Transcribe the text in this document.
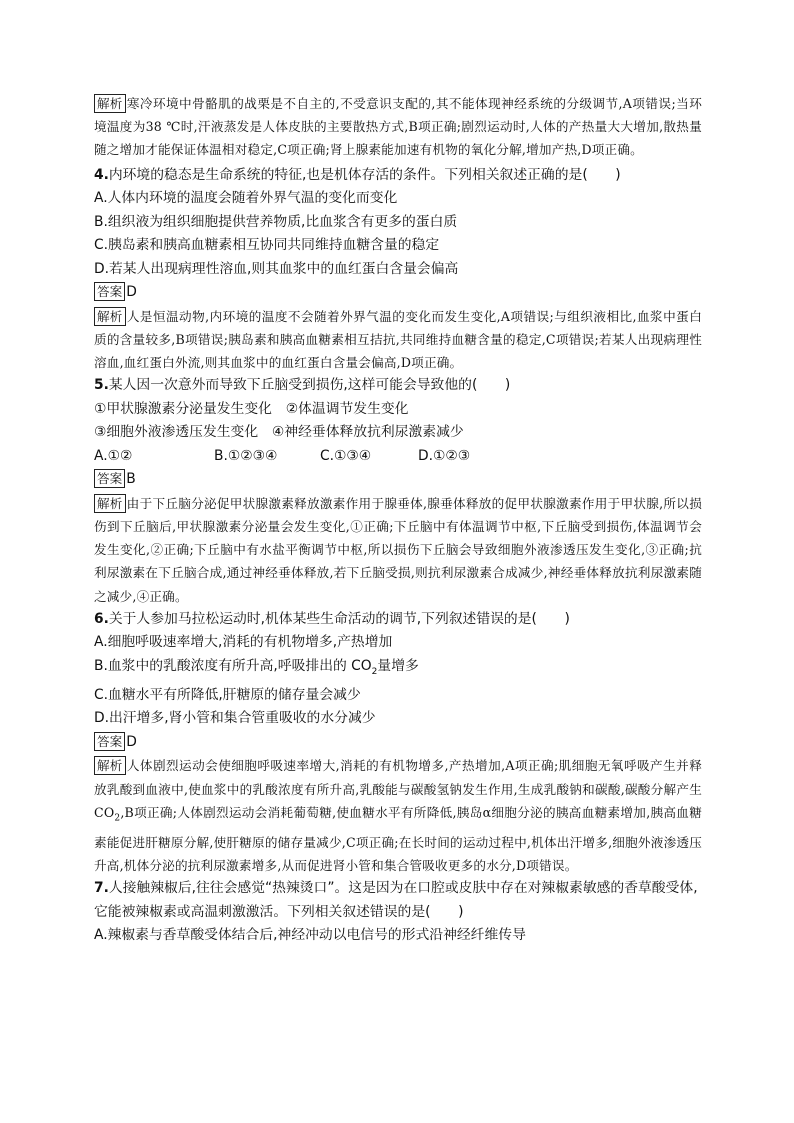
解析 寒冷环境中骨骼肌的战栗是不自主的,不受意识支配的,其不能体现神经系统的分级调节,A项错误;当环境温度为38 ℃时,汗液蒸发是人体皮肤的主要散热方式,B项正确;剧烈运动时,人体的产热量大大增加,散热量随之增加才能保证体温相对稳定,C项正确;肾上腺素能加速有机物的氧化分解,增加产热,D项正确。

4.内环境的稳态是生命系统的特征,也是机体存活的条件。下列相关叙述正确的是(　　)

A.人体内环境的温度会随着外界气温的变化而变化

B.组织液为组织细胞提供营养物质,比血浆含有更多的蛋白质

C.胰岛素和胰高血糖素相互协同共同维持血糖含量的稳定

D.若某人出现病理性溶血,则其血浆中的血红蛋白含量会偏高

答案 D

解析 人是恒温动物,内环境的温度不会随着外界气温的变化而发生变化,A项错误;与组织液相比,血浆中蛋白质的含量较多,B项错误;胰岛素和胰高血糖素相互拮抗,共同维持血糖含量的稳定,C项错误;若某人出现病理性溶血,血红蛋白外流,则其血浆中的血红蛋白含量会偏高,D项正确。

5.某人因一次意外而导致下丘脑受到损伤,这样可能会导致他的(　　)

①甲状腺激素分泌量发生变化　②体温调节发生变化

③细胞外液渗透压发生变化　④神经垂体释放抗利尿激素减少

A.①②	B.①②③④	C.①③④	D.①②③

答案 B

解析 由于下丘脑分泌促甲状腺激素释放激素作用于腺垂体,腺垂体释放的促甲状腺激素作用于甲状腺,所以损伤到下丘脑后,甲状腺激素分泌量会发生变化,①正确;下丘脑中有体温调节中枢,下丘脑受到损伤,体温调节会发生变化,②正确;下丘脑中有水盐平衡调节中枢,所以损伤下丘脑会导致细胞外液渗透压发生变化,③正确;抗利尿激素在下丘脑合成,通过神经垂体释放,若下丘脑受损,则抗利尿激素合成减少,神经垂体释放抗利尿激素随之减少,④正确。

6.关于人参加马拉松运动时,机体某些生命活动的调节,下列叙述错误的是(　　)

A.细胞呼吸速率增大,消耗的有机物增多,产热增加

B.血浆中的乳酸浓度有所升高,呼吸排出的 $CO_2$量增多

C.血糖水平有所降低,肝糖原的储存量会减少

D.出汗增多,肾小管和集合管重吸收的水分减少

答案 D

解析 人体剧烈运动会使细胞呼吸速率增大,消耗的有机物增多,产热增加,A项正确;肌细胞无氧呼吸产生并释放乳酸到血液中,使血浆中的乳酸浓度有所升高,乳酸能与碳酸氢钠发生作用,生成乳酸钠和碳酸,碳酸分解产生 $CO_2,B$项正确;人体剧烈运动会消耗葡萄糖,使血糖水平有所降低,胰岛α细胞分泌的胰高血糖素增加,胰高血糖素能促进肝糖原分解,使肝糖原的储存量减少,C项正确;在长时间的运动过程中,机体出汗增多,细胞外液渗透压升高,机体分泌的抗利尿激素增多,从而促进肾小管和集合管吸收更多的水分,D项错误。

7.人接触辣椒后,往往会感觉“热辣烫口”。这是因为在口腔或皮肤中存在对辣椒素敏感的香草酸受体,它能被辣椒素或高温刺激激活。下列相关叙述错误的是(　　)

A.辣椒素与香草酸受体结合后,神经冲动以电信号的形式沿神经纤维传导
